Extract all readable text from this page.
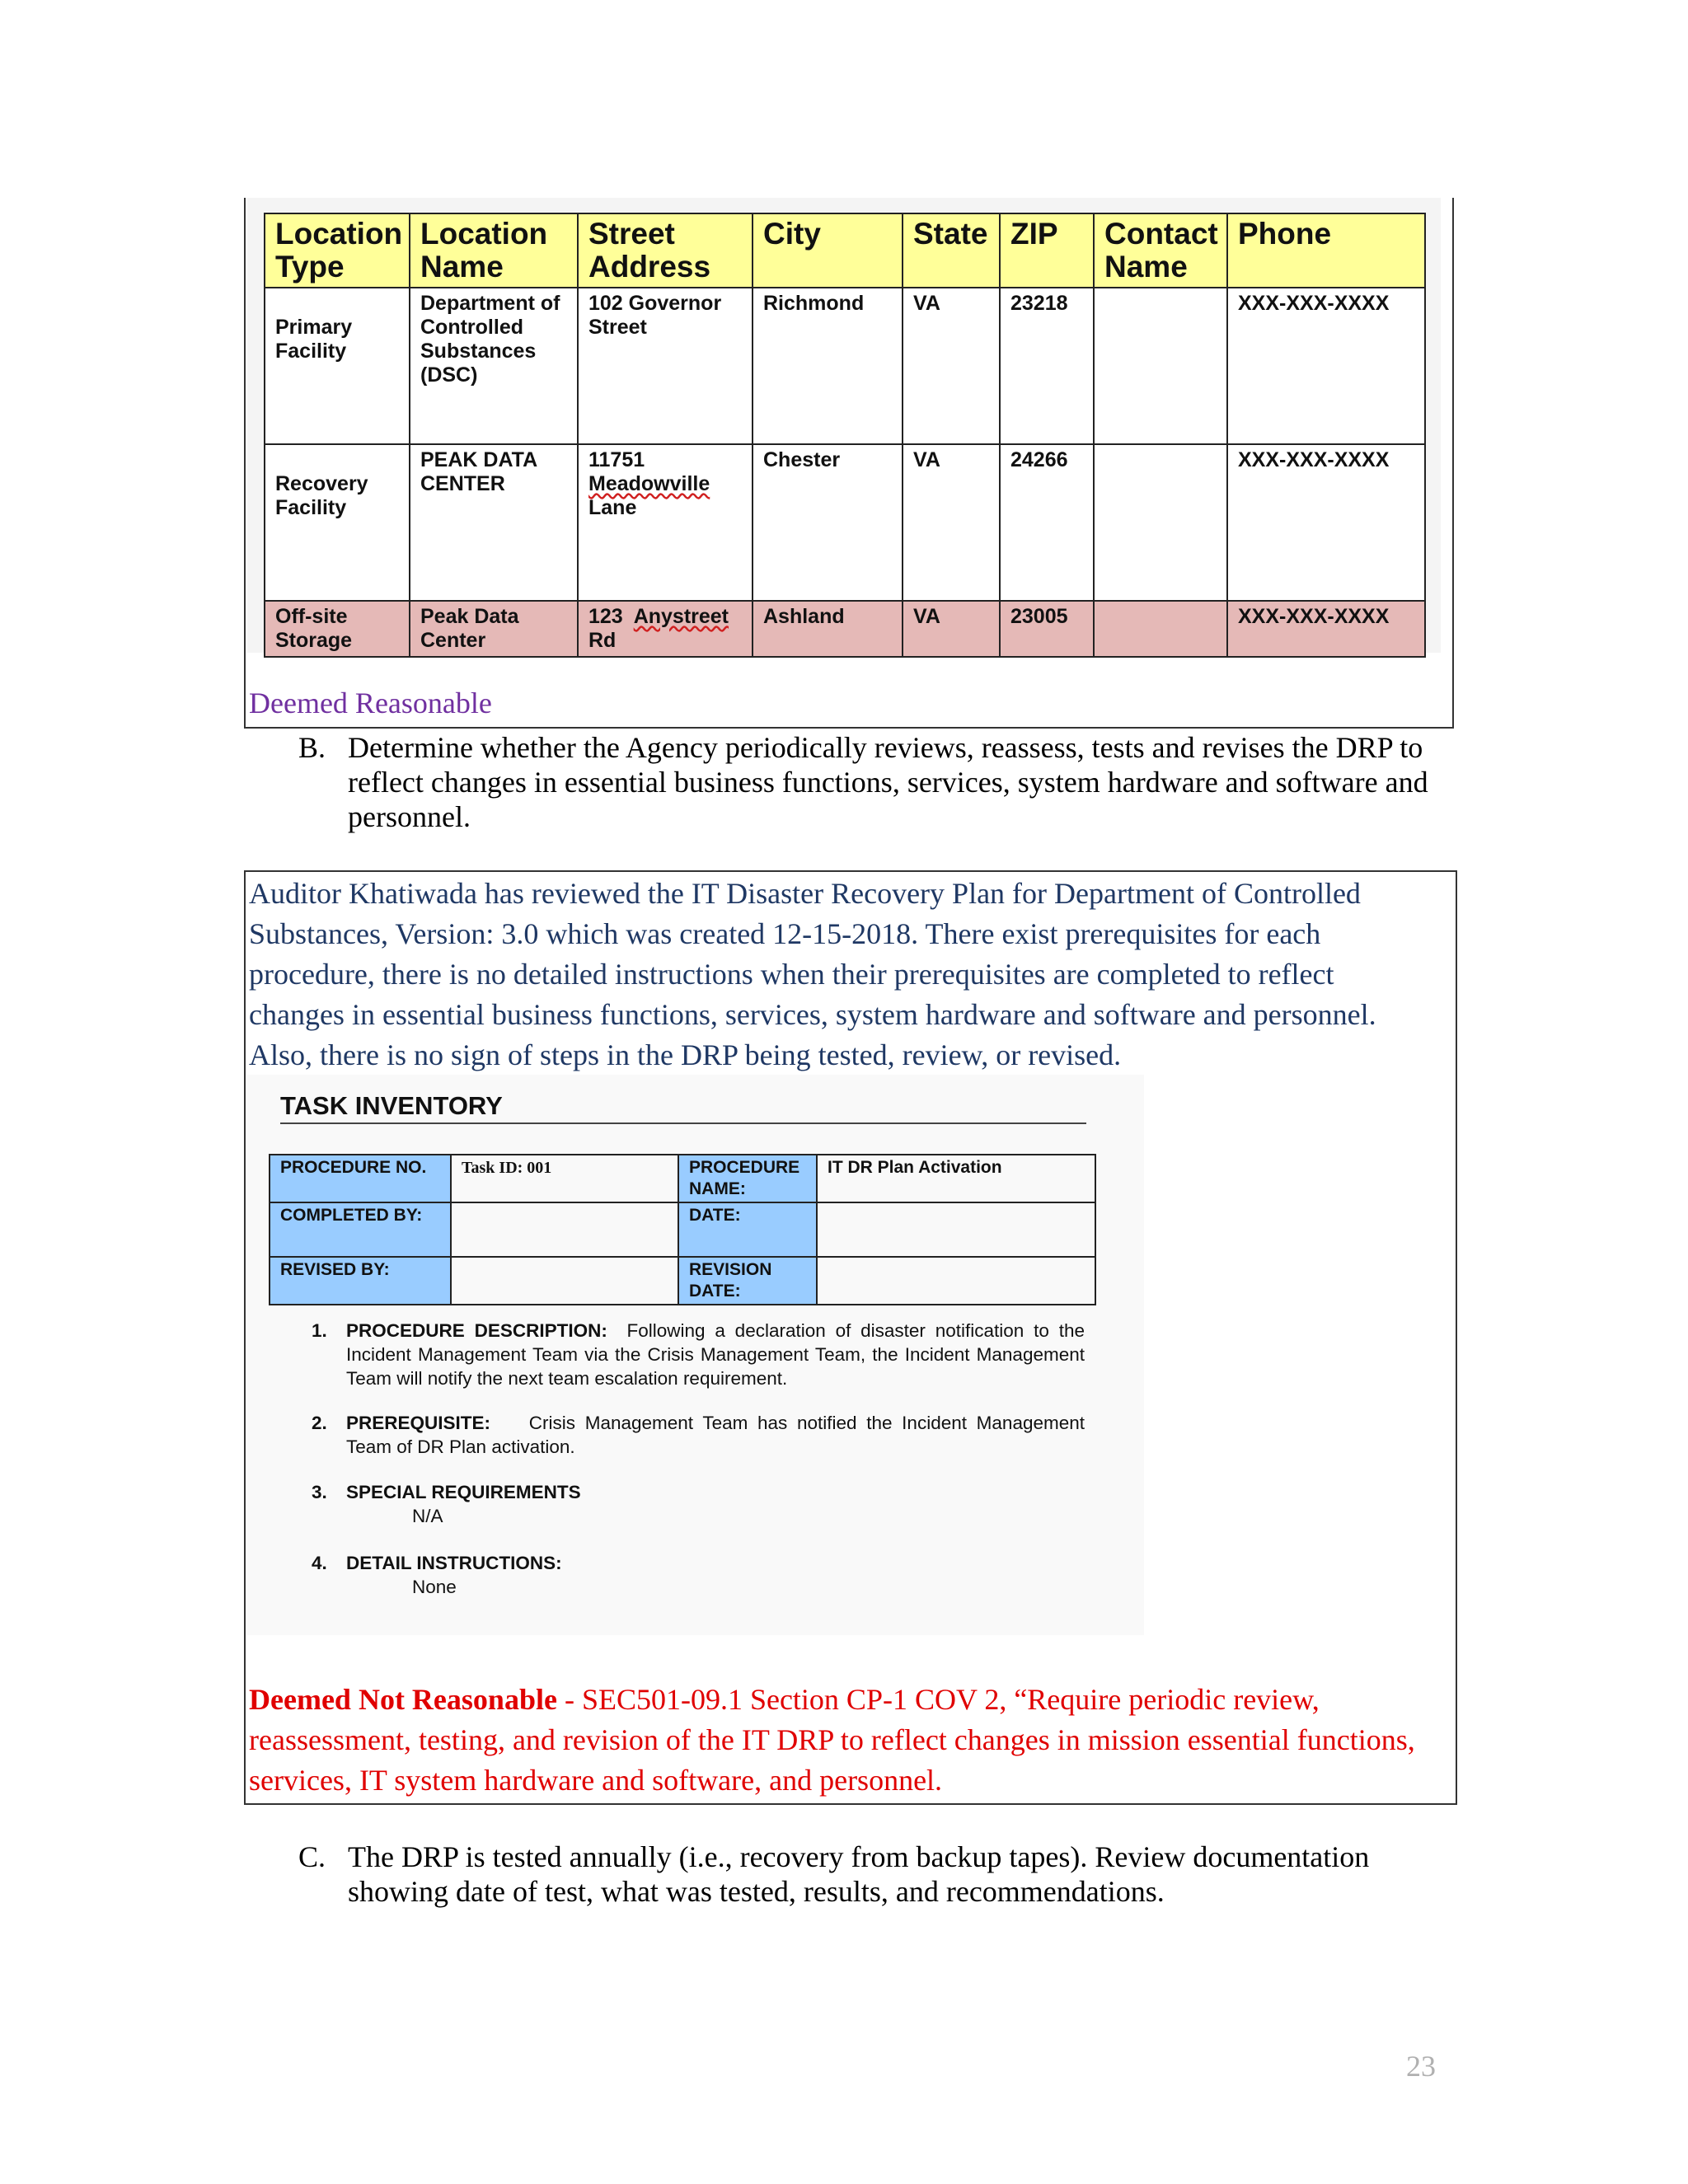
Location Type	Location Name	Street Address	City	State	ZIP	Contact Name	Phone

Primary Facility	Department of Controlled Substances (DSC)	102 Governor Street	Richmond	VA	23218		XXX-XXX-XXXX

Recovery Facility	PEAK DATA CENTER	11751
Meadowville
Lane	Chester	VA	24266		XXX-XXX-XXXX
Off-site Storage	Peak Data Center	123 Anystreet
Rd	Ashland	VA	23005		XXX-XXX-XXXX
Deemed Reasonable
B. Determine whether the Agency periodically reviews, reassess, tests and revises the DRP to reflect changes in essential business functions, services, system hardware and software and personnel.
Auditor Khatiwada has reviewed the IT Disaster Recovery Plan for Department of Controlled Substances, Version: 3.0 which was created 12-15-2018. There exist prerequisites for each procedure, there is no detailed instructions when their prerequisites are completed to reflect changes in essential business functions, services, system hardware and software and personnel. Also, there is no sign of steps in the DRP being tested, review, or revised.
TASK INVENTORY
PROCEDURE NO.	Task ID: 001	PROCEDURE NAME:	IT DR Plan Activation
COMPLETED BY:		DATE:	
REVISED BY:		REVISION DATE:	
1. PROCEDURE DESCRIPTION: Following a declaration of disaster notification to the Incident Management Team via the Crisis Management Team, the Incident Management Team will notify the next team escalation requirement.
2. PREREQUISITE: Crisis Management Team has notified the Incident Management Team of DR Plan activation.
3. SPECIAL REQUIREMENTS
N/A
4. DETAIL INSTRUCTIONS:
None
Deemed Not Reasonable - SEC501-09.1 Section CP-1 COV 2, “Require periodic review, reassessment, testing, and revision of the IT DRP to reflect changes in mission essential functions, services, IT system hardware and software, and personnel.
C. The DRP is tested annually (i.e., recovery from backup tapes). Review documentation showing date of test, what was tested, results, and recommendations.
23
